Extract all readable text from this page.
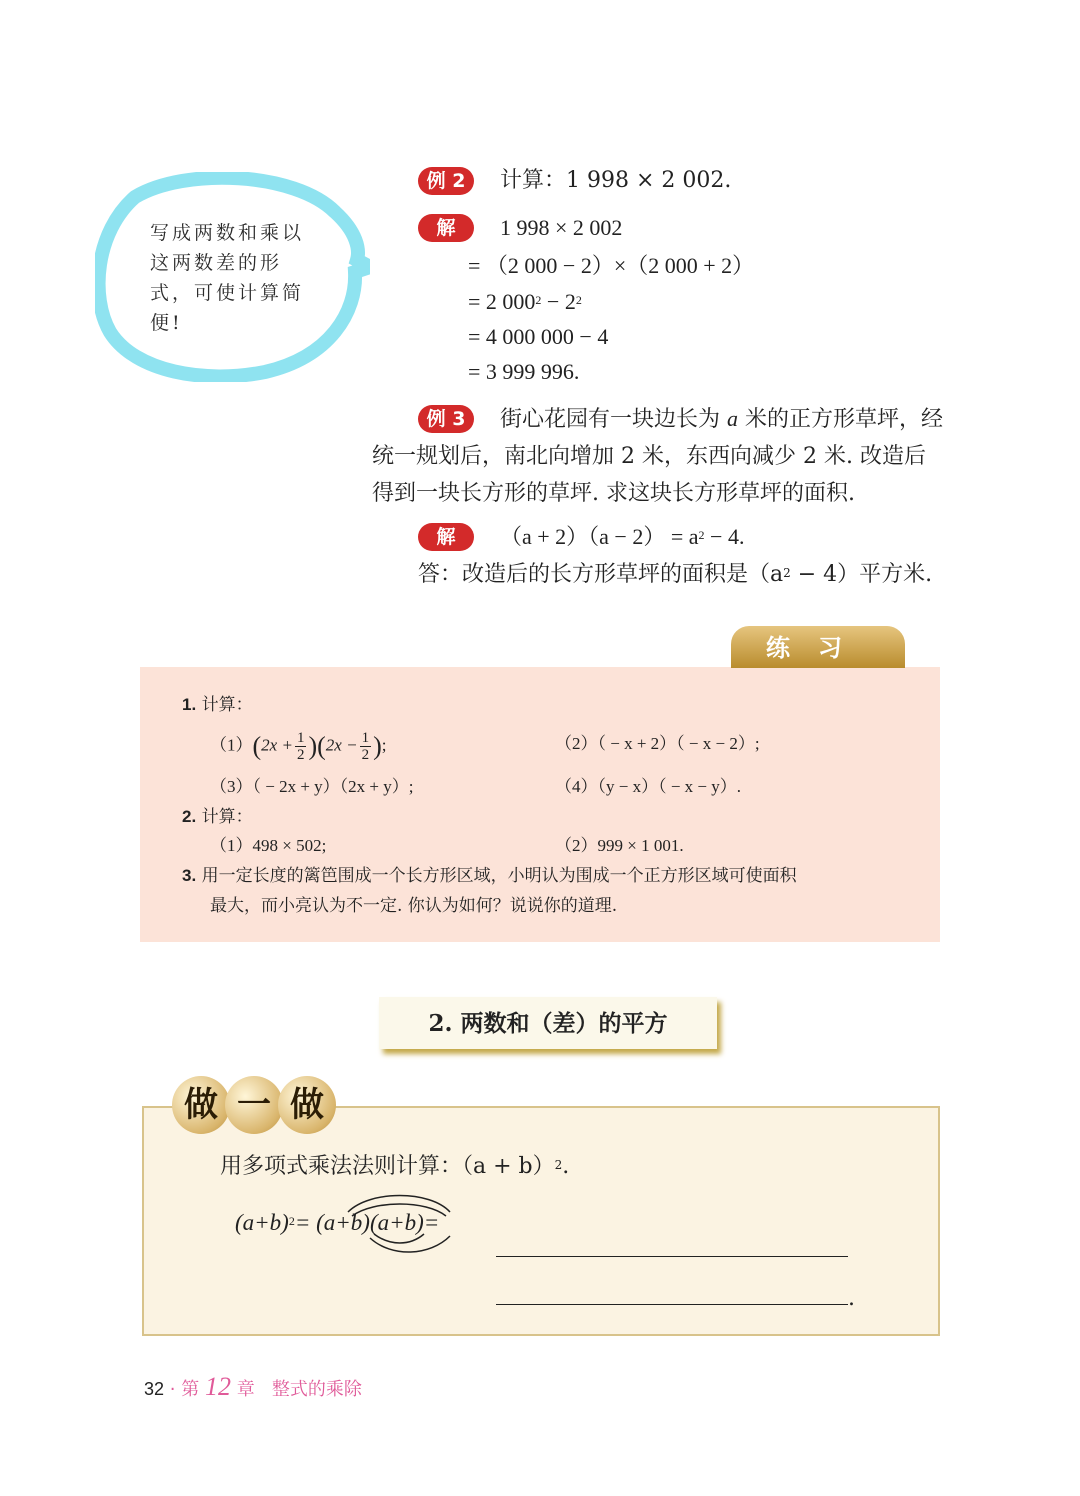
写成两数和乘以这两数差的形式，可使计算简便!
例 2	计算：1 998 × 2 002.
解	1 998 × 2 002
= （2 000 − 2）×（2 000 + 2）
= 2 $000^2 - 2^2$
= 4 000 000 − 4
= 3 999 996.
例 3	街心花园有一块边长为 a 米的正方形草坪，经统一规划后，南北向增加 2 米，东西向减少 2 米. 改造后得到一块长方形的草坪. 求这块长方形草坪的面积.
解	$(a + 2)(a - 2) = a^2 - 4$.
答：改造后的长方形草坪的面积是$(a^2 - 4)$平方米.
练习
1. 计算：
$(1)(2x + \frac{1}{2} )(2x - \frac{1}{2}$ );	（2）（ − x + 2）（ − x − 2）;
（3）（ − 2x + y）（2x + y）;	（4）（y − x）（ − x − y）.
2. 计算：
（1）498 × 502;	（2）999 × 1 001.
3. 用一定长度的篱笆围成一个长方形区域，小明认为围成一个正方形区域可使面积
最大，而小亮认为不一定. 你认为如何？说说你的道理.
2. 两数和（差）的平方
做 一 做
用多项式乘法法则计算：$(a + b)^2$.
$(a+b)^2= (a+b)(a+b)=$
.
32 · 第 12 章 整式的乘除
